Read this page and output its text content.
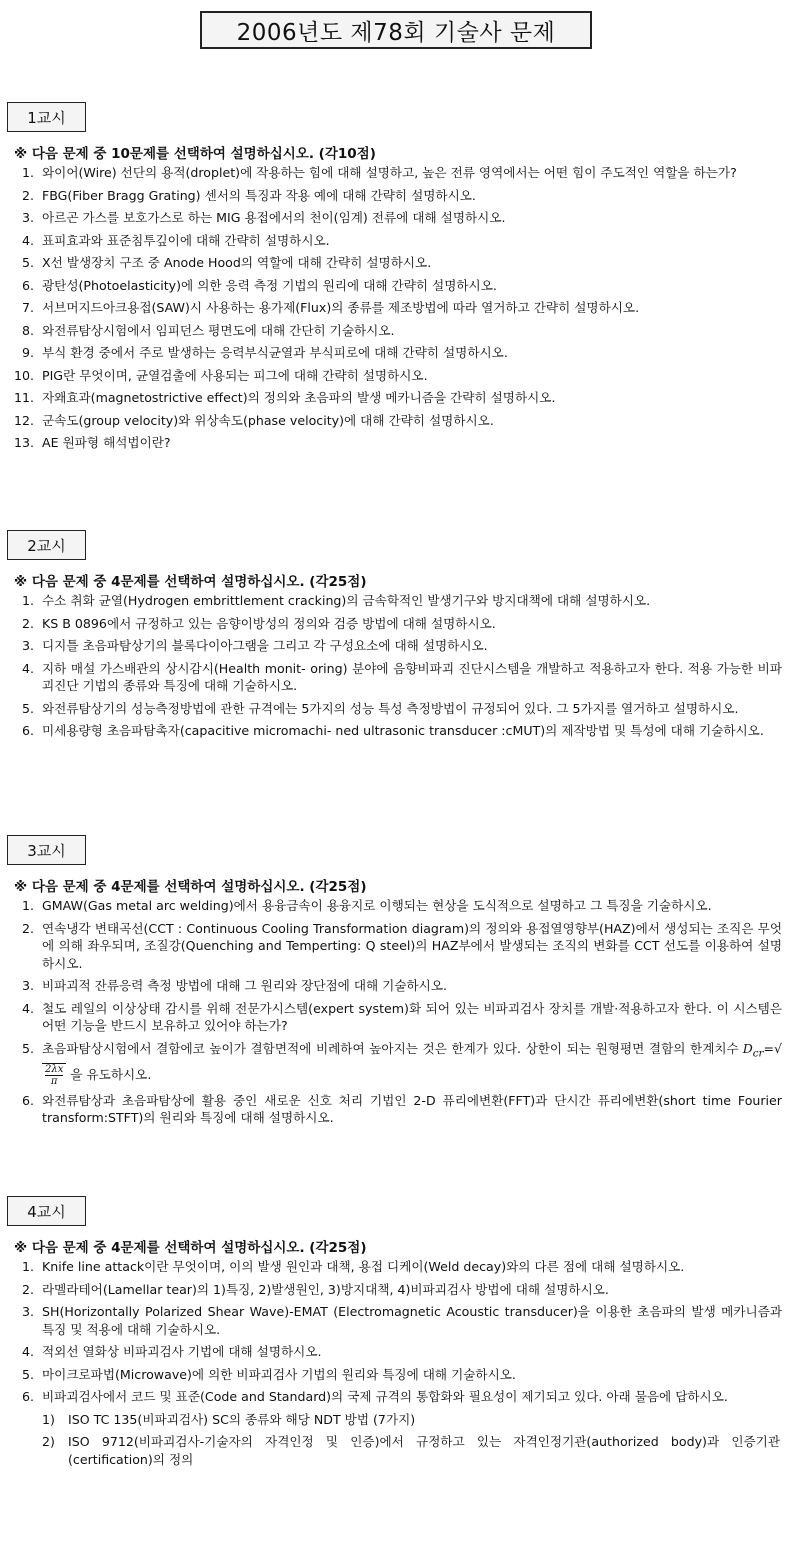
2006년도 제78회 기술사 문제
1교시
※ 다음 문제 중 10문제를 선택하여 설명하십시오. (각10점)
1. 와이어(Wire) 선단의 용적(droplet)에 작용하는 힘에 대해 설명하고, 높은 전류 영역에서는 어떤 힘이 주도적인 역할을 하는가?
2. FBG(Fiber Bragg Grating) 센서의 특징과 작용 예에 대해 간략히 설명하시오.
3. 아르곤 가스를 보호가스로 하는 MIG 용접에서의 천이(임계) 전류에 대해 설명하시오.
4. 표피효과와 표준침투깊이에 대해 간략히 설명하시오.
5. X선 발생장치 구조 중 Anode Hood의 역할에 대해 간략히 설명하시오.
6. 광탄성(Photoelasticity)에 의한 응력 측정 기법의 원리에 대해 간략히 설명하시오.
7. 서브머지드아크용접(SAW)시 사용하는 용가제(Flux)의 종류를 제조방법에 따라 열거하고 간략히 설명하시오.
8. 와전류탐상시험에서 임피던스 평면도에 대해 간단히 기술하시오.
9. 부식 환경 중에서 주로 발생하는 응력부식균열과 부식피로에 대해 간략히 설명하시오.
10. PIG란 무엇이며, 균열검출에 사용되는 피그에 대해 간략히 설명하시오.
11. 자왜효과(magnetostrictive effect)의 정의와 초음파의 발생 메카니즘을 간략히 설명하시오.
12. 군속도(group velocity)와 위상속도(phase velocity)에 대해 간략히 설명하시오.
13. AE 원파형 해석법이란?
2교시
※ 다음 문제 중 4문제를 선택하여 설명하십시오. (각25점)
1. 수소 취화 균열(Hydrogen embrittlement cracking)의 금속학적인 발생기구와 방지대책에 대해 설명하시오.
2. KS B 0896에서 규정하고 있는 음향이방성의 정의와 검증 방법에 대해 설명하시오.
3. 디지틀 초음파탐상기의 블록다이아그램을 그리고 각 구성요소에 대해 설명하시오.
4. 지하 매설 가스배관의 상시감시(Health monit- oring) 분야에 음향비파괴 진단시스템을 개발하고 적용하고자 한다. 적용 가능한 비파괴진단 기법의 종류와 특징에 대해 기술하시오.
5. 와전류탐상기의 성능측정방법에 관한 규격에는 5가지의 성능 특성 측정방법이 규정되어 있다. 그 5가지를 열거하고 설명하시오.
6. 미세용량형 초음파탐촉자(capacitive micromachi- ned ultrasonic transducer :cMUT)의 제작방법 및 특성에 대해 기술하시오.
3교시
※ 다음 문제 중 4문제를 선택하여 설명하십시오. (각25점)
1. GMAW(Gas metal arc welding)에서 용융금속이 용융지로 이행되는 현상을 도식적으로 설명하고 그 특징을 기술하시오.
2. 연속냉각 변태곡선(CCT : Continuous Cooling Transformation diagram)의 정의와 용접열영향부(HAZ)에서 생성되는 조직은 무엇에 의해 좌우되며, 조질강(Quenching and Temperting: Q steel)의 HAZ부에서 발생되는 조직의 변화를 CCT 선도를 이용하여 설명하시오.
3. 비파괴적 잔류응력 측정 방법에 대해 그 원리와 장단점에 대해 기술하시오.
4. 철도 레일의 이상상태 감시를 위해 전문가시스템(expert system)화 되어 있는 비파괴검사 장치를 개발·적용하고자 한다. 이 시스템은 어떤 기능을 반드시 보유하고 있어야 하는가?
5. 초음파탐상시험에서 결함에코 높이가 결함면적에 비례하여 높아지는 것은 한계가 있다. 상한이 되는 원형평면 결함의 한계치수 $D_{cr}=√$
$\frac{2\lambda x}{\pi}$ 을 유도하시오.
6. 와전류탐상과 초음파탐상에 활용 중인 새로운 신호 처리 기법인 2-D 퓨리에변환(FFT)과 단시간 퓨리에변환(short time Fourier transform:STFT)의 원리와 특징에 대해 설명하시오.
4교시
※ 다음 문제 중 4문제를 선택하여 설명하십시오. (각25점)
1. Knife line attack이란 무엇이며, 이의 발생 원인과 대책, 용접 디케이(Weld decay)와의 다른 점에 대해 설명하시오.
2. 라멜라테어(Lamellar tear)의 1)특징, 2)발생원인, 3)방지대책, 4)비파괴검사 방법에 대해 설명하시오.
3. SH(Horizontally Polarized Shear Wave)-EMAT (Electromagnetic Acoustic transducer)을 이용한 초음파의 발생 메카니즘과 특징 및 적용에 대해 기술하시오.
4. 적외선 열화상 비파괴검사 기법에 대해 설명하시오.
5. 마이크로파법(Microwave)에 의한 비파괴검사 기법의 원리와 특징에 대해 기술하시오.
6. 비파괴검사에서 코드 및 표준(Code and Standard)의 국제 규격의 통합화와 필요성이 제기되고 있다. 아래 물음에 답하시오.
1)	ISO TC 135(비파괴검사) SC의 종류와 해당 NDT 방법 (7가지)
2)	ISO 9712(비파괴검사-기술자의 자격인정 및 인증)에서 규정하고 있는 자격인정기관(authorized body)과 인증기관(certification)의 정의
